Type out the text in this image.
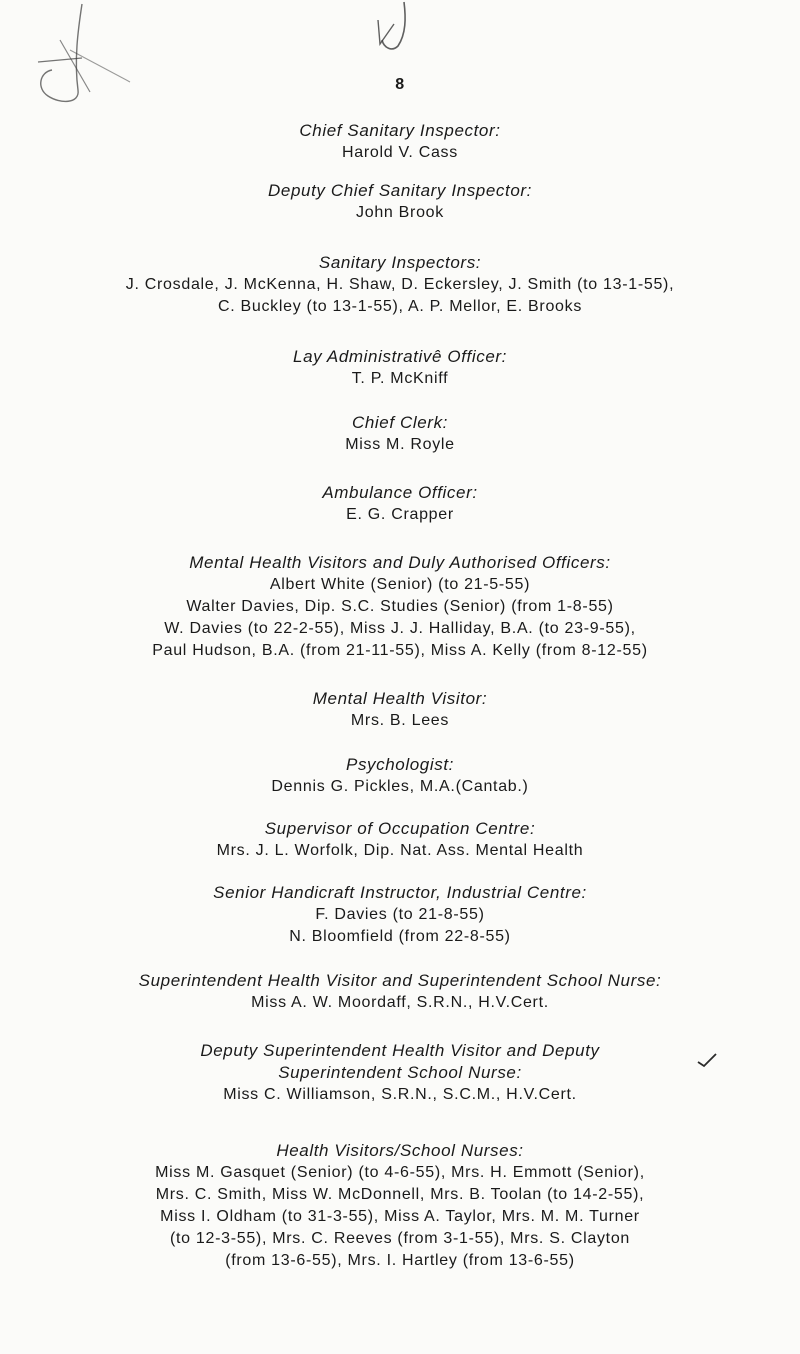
8
Chief Sanitary Inspector:
Harold V. Cass
Deputy Chief Sanitary Inspector:
John Brook
Sanitary Inspectors:
J. Crosdale, J. McKenna, H. Shaw, D. Eckersley, J. Smith (to 13-1-55),
C. Buckley (to 13-1-55), A. P. Mellor, E. Brooks
Lay Administrativê Officer:
T. P. McKniff
Chief Clerk:
Miss M. Royle
Ambulance Officer:
E. G. Crapper
Mental Health Visitors and Duly Authorised Officers:
Albert White (Senior) (to 21-5-55)
Walter Davies, Dip. S.C. Studies (Senior) (from 1-8-55)
W. Davies (to 22-2-55), Miss J. J. Halliday, B.A. (to 23-9-55),
Paul Hudson, B.A. (from 21-11-55), Miss A. Kelly (from 8-12-55)
Mental Health Visitor:
Mrs. B. Lees
Psychologist:
Dennis G. Pickles, M.A.(Cantab.)
Supervisor of Occupation Centre:
Mrs. J. L. Worfolk, Dip. Nat. Ass. Mental Health
Senior Handicraft Instructor, Industrial Centre:
F. Davies (to 21-8-55)
N. Bloomfield (from 22-8-55)
Superintendent Health Visitor and Superintendent School Nurse:
Miss A. W. Moordaff, S.R.N., H.V.Cert.
Deputy Superintendent Health Visitor and Deputy
Superintendent School Nurse:
Miss C. Williamson, S.R.N., S.C.M., H.V.Cert.
Health Visitors/School Nurses:
Miss M. Gasquet (Senior) (to 4-6-55), Mrs. H. Emmott (Senior),
Mrs. C. Smith, Miss W. McDonnell, Mrs. B. Toolan (to 14-2-55),
Miss I. Oldham (to 31-3-55), Miss A. Taylor, Mrs. M. M. Turner
(to 12-3-55), Mrs. C. Reeves (from 3-1-55), Mrs. S. Clayton
(from 13-6-55), Mrs. I. Hartley (from 13-6-55)
